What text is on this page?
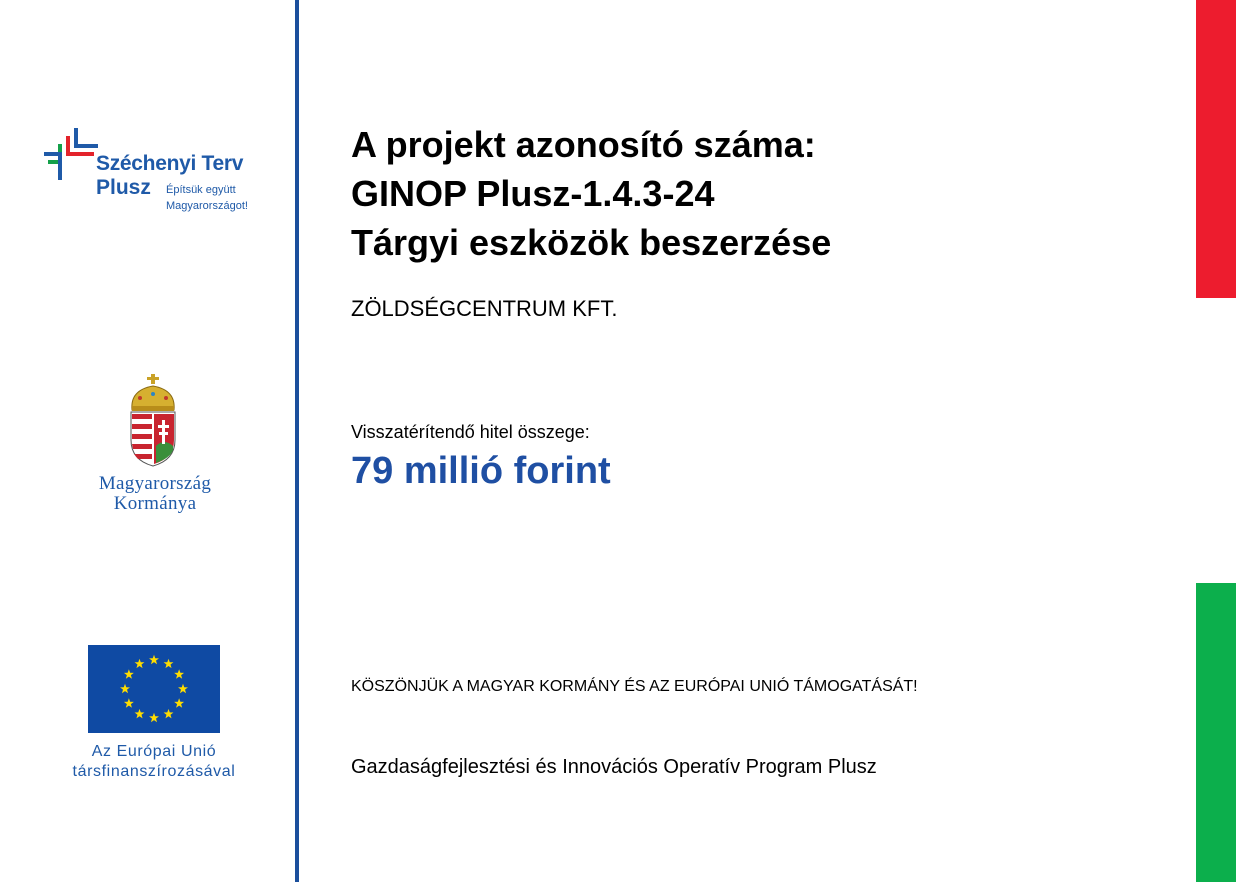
Széchenyi Terv
Plusz Építsük együtt
Magyarországot!
Magyarország
Kormánya
Az Európai Unió
társfinanszírozásával
A projekt azonosító száma:
GINOP Plusz-1.4.3-24
Tárgyi eszközök beszerzése
ZÖLDSÉGCENTRUM KFT.
Visszatérítendő hitel összege:
79 millió forint
KÖSZÖNJÜK A MAGYAR KORMÁNY ÉS AZ EURÓPAI UNIÓ TÁMOGATÁSÁT!
Gazdaságfejlesztési és Innovációs Operatív Program Plusz
